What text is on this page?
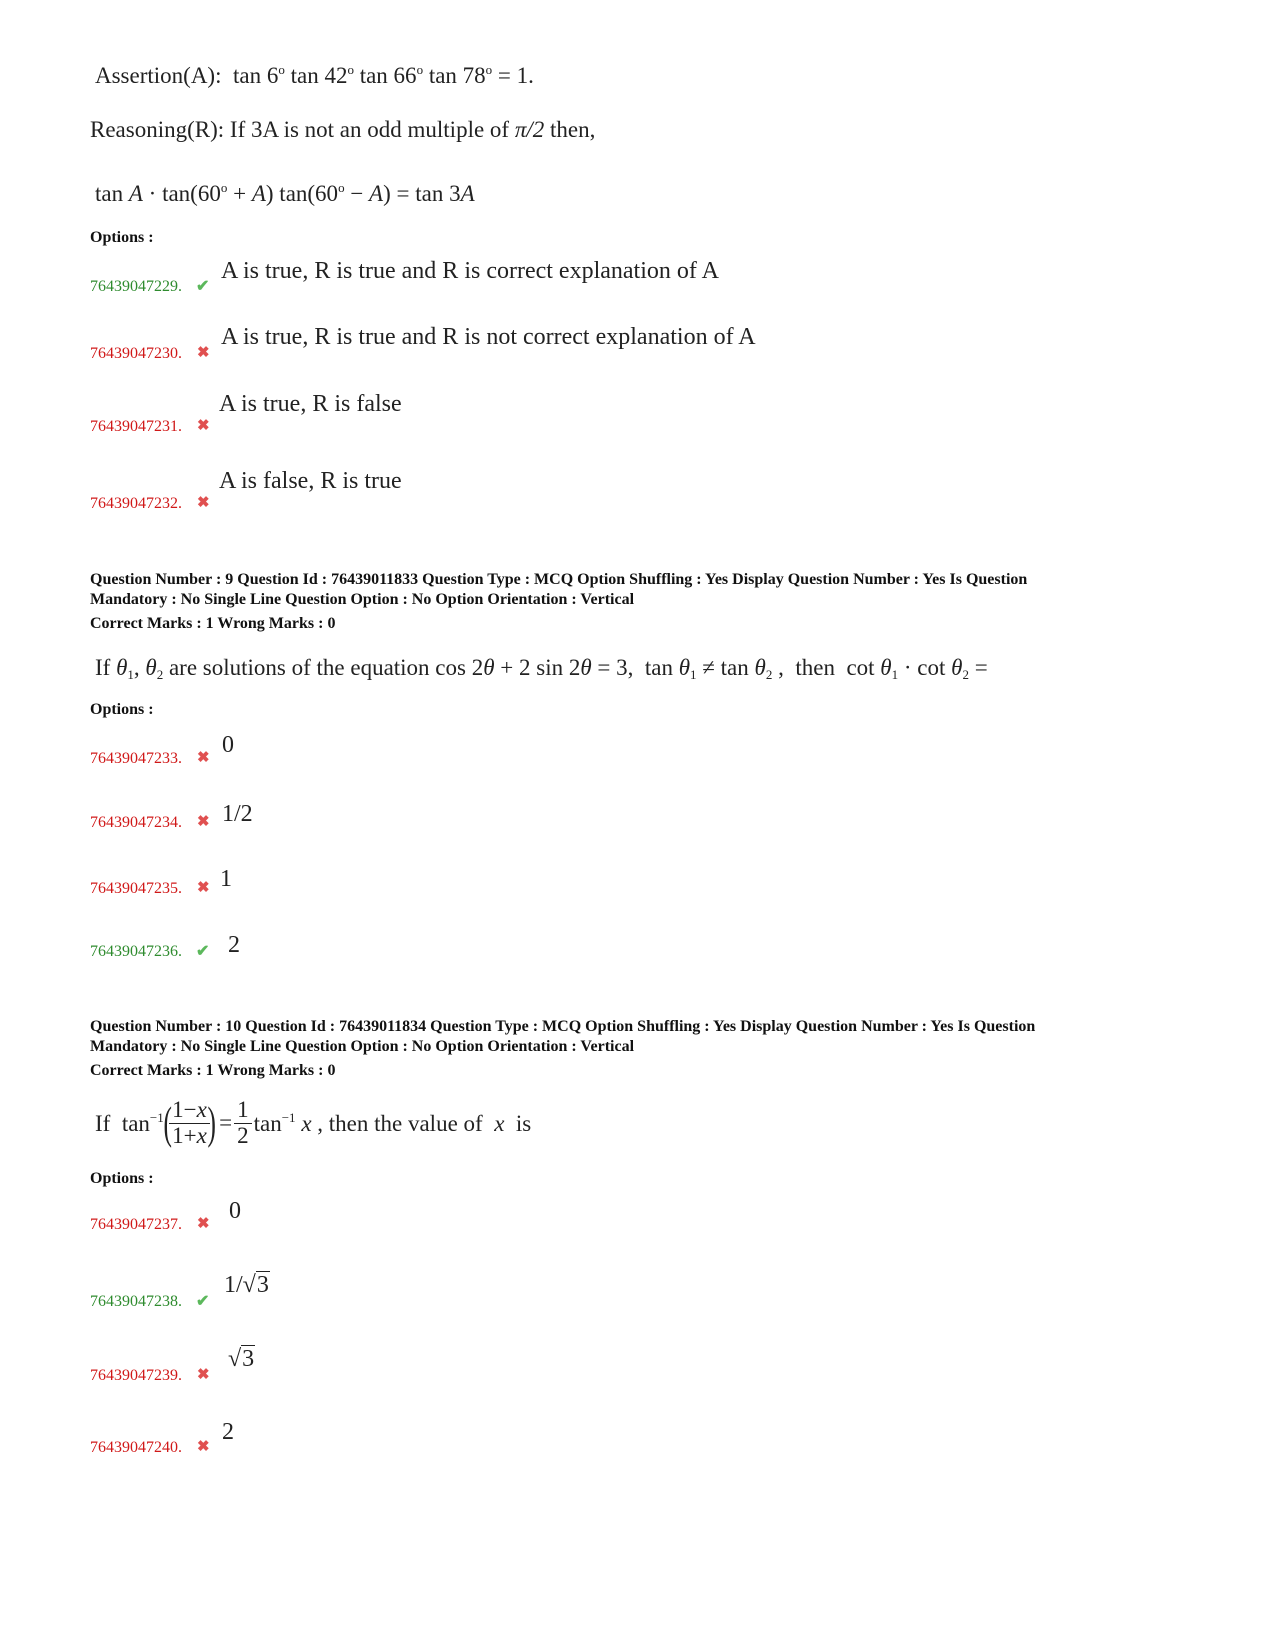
Assertion(A):  tan 6$^o$ tan 42$^o$ tan 66$^o$ $\tan 78^o = 1$.
Reasoning(R): If 3A is not an odd multiple of π/2 then,
$\tan A \cdot \tan(60^o + A) \tan(60^o - A) = \tan 3A$
Options :
76439047229. ✔
A is true, R is true and R is correct explanation of A
76439047230. ✖
A is true, R is true and R is not correct explanation of A
76439047231. ✖
A is true, R is false
76439047232. ✖
A is false, R is true
Question Number : 9 Question Id : 76439011833 Question Type : MCQ Option Shuffling : Yes Display Question Number : Yes Is Question
Mandatory : No Single Line Question Option : No Option Orientation : Vertical
Correct Marks : 1 Wrong Marks : 0
If $\theta_1$, $\theta_2$ are solutions of the equation cos 2θ + 2 sin 2θ = 3,  $\tan \theta_1 \ne \tan \theta_2$ ,  then  $\cot \theta_1 \cdot \cot \theta_2$ =
Options :
76439047233. ✖ 0
76439047234. ✖ 1/2
76439047235. ✖ 1
76439047236. ✔ 2
Question Number : 10 Question Id : 76439011834 Question Type : MCQ Option Shuffling : Yes Display Question Number : Yes Is Question
Mandatory : No Single Line Question Option : No Option Orientation : Vertical
Correct Marks : 1 Wrong Marks : 0
If  $\tan^{-1}$ (
$\frac{1-x}{1+x}$
) = $\frac{1}{2} \tan^{-1} x$ , then the value of  x  is
Options :
76439047237. ✖ 0
76439047238. ✔
1/√3
76439047239. ✖
√3
76439047240. ✖
2
